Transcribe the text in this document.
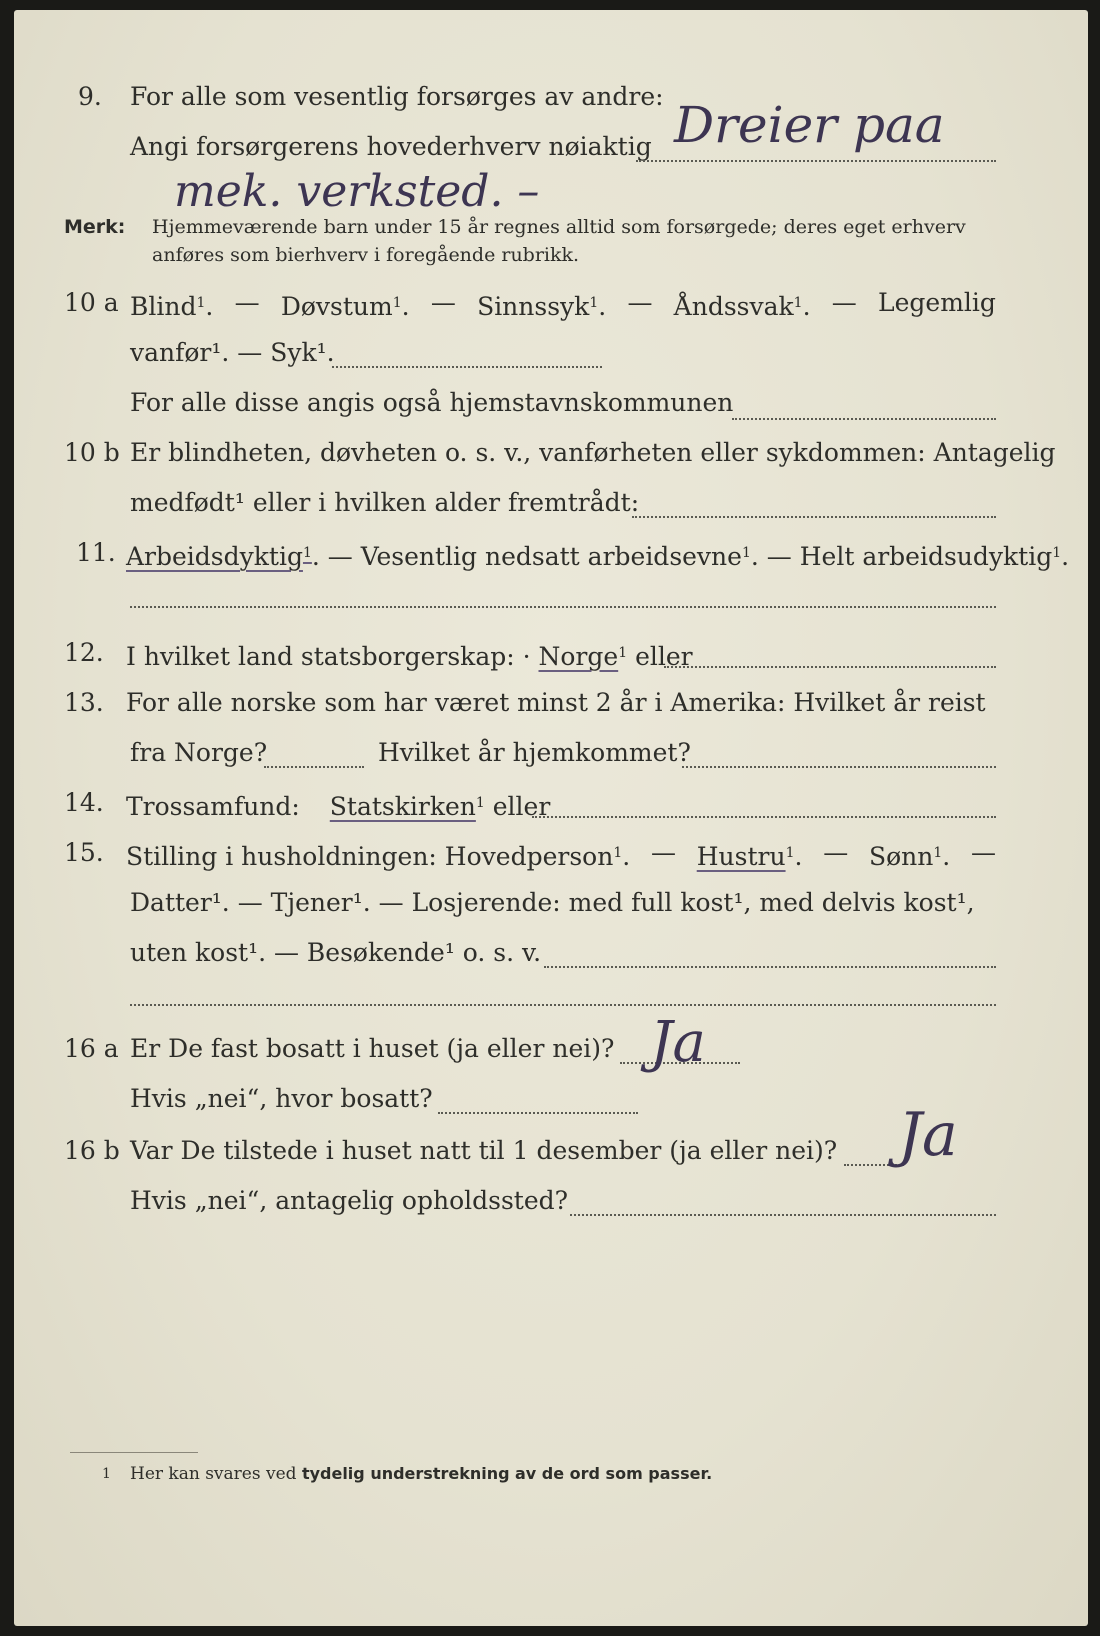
9. For alle som vesentlig forsørges av andre:
Angi forsørgerens hovederhverv nøiaktig Dreier paa
mek. verksted. –
Merk: Hjemmeværende barn under 15 år regnes alltid som forsørgede; deres eget erhverv
anføres som bierhverv i foregående rubrikk.
10 a Blind$^1$. — Døvstum$^1$. — Sinnssyk$^1$. — Åndssvak$^1$. — Legemlig
vanfør¹. — Syk¹.
For alle disse angis også hjemstavnskommunen
10 b Er blindheten, døvheten o. s. v., vanførheten eller sykdommen: Antagelig
medfødt¹ eller i hvilken alder fremtrådt:
11. Arbeidsdyktig$^1$. — Vesentlig nedsatt arbeidsevne$^1$. — Helt arbeidsudyktig$^1$.
12. I hvilket land statsborgerskap: · Norge$^1$ eller
13. For alle norske som har været minst 2 år i Amerika: Hvilket år reist
fra Norge?	Hvilket år hjemkommet?
14. Trossamfund: Statskirken$^1$ eller
15. Stilling i husholdningen: Hovedperson$^1$. — Hustru$^1$. — Sønn$^1$. —
Datter¹. — Tjener¹. — Losjerende: med full kost¹, med delvis kost¹,
uten kost¹. — Besøkende¹ o. s. v.
16 a Er De fast bosatt i huset (ja eller nei)? Ja
Hvis „nei“, hvor bosatt?
16 b Var De tilstede i huset natt til 1 desember (ja eller nei)? Ja
Hvis „nei“, antagelig opholdssted?
1 Her kan svares ved tydelig understrekning av de ord som passer.
